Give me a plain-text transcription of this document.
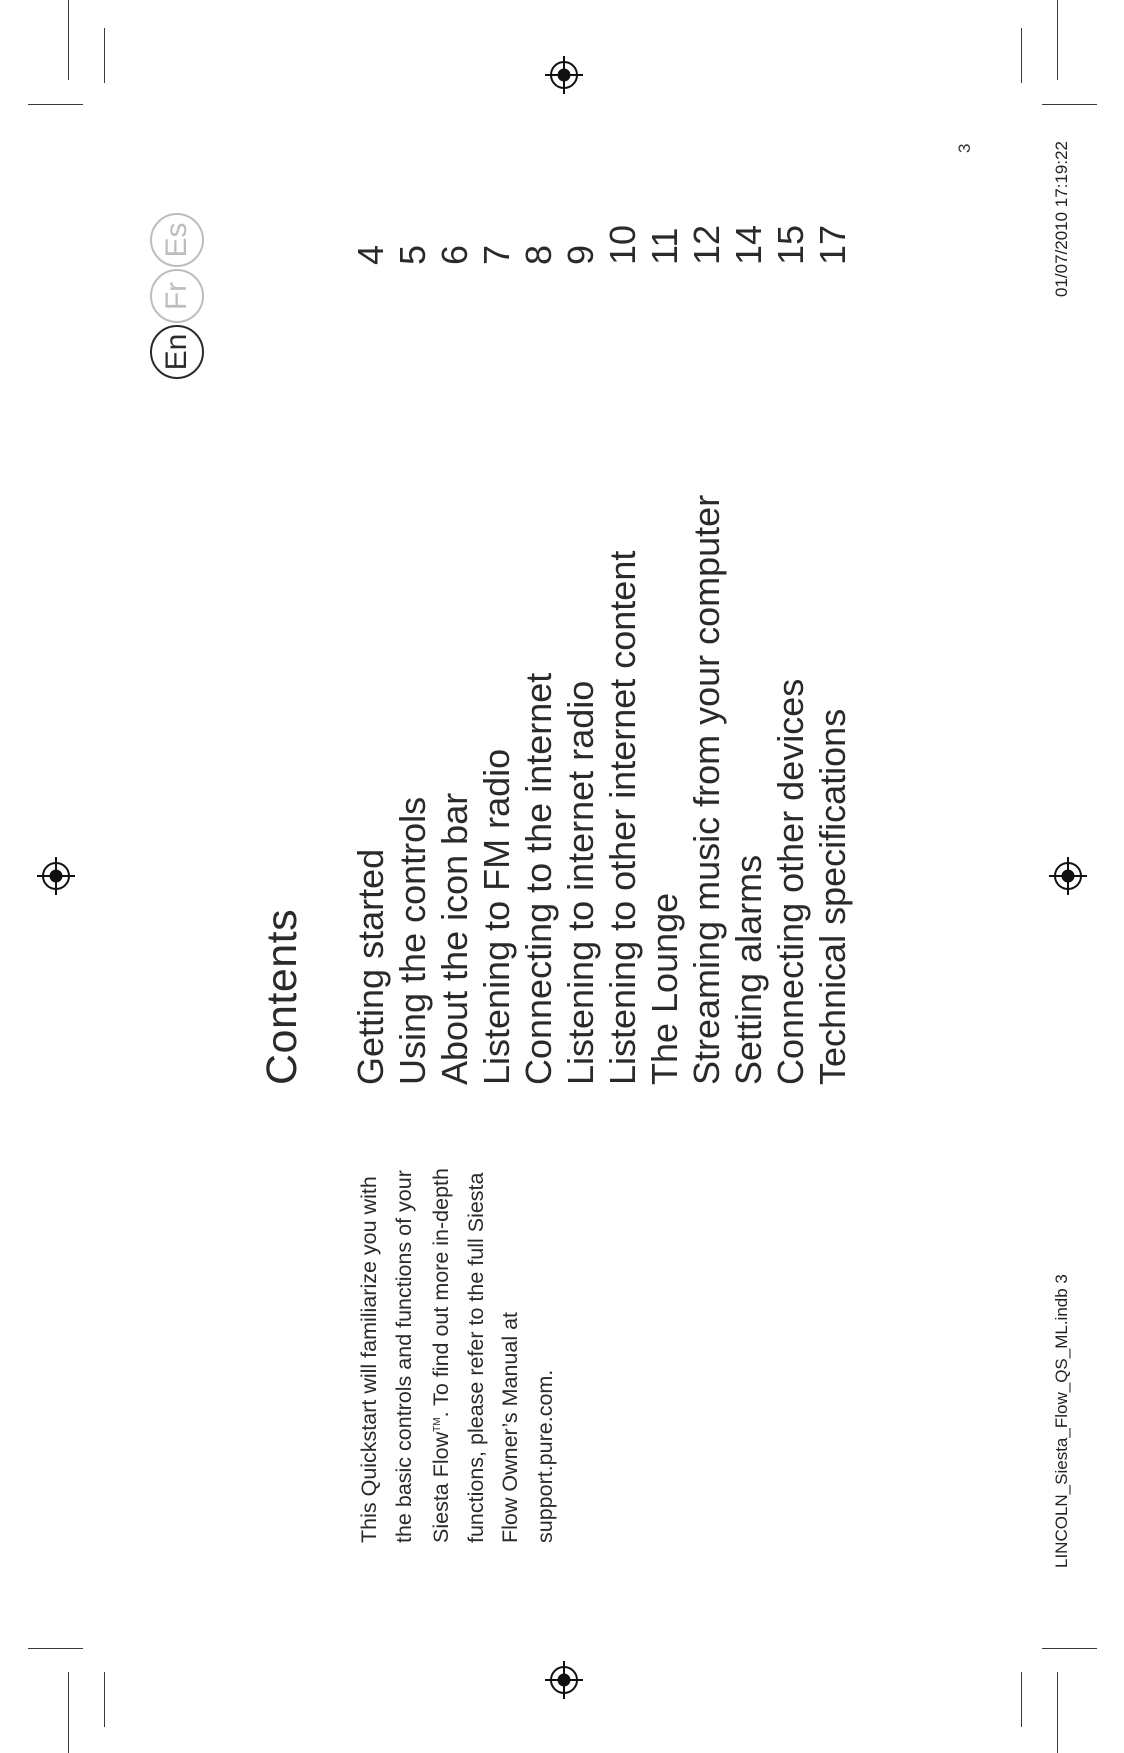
Contents Getting started
4
Using the controls
5
About the icon bar
6
Listening to FM radio
7
Connecting to the internet
8
Listening to internet radio
9
Listening to other internet content
10
The Lounge
11
Streaming music from your computer
12
Setting alarms
14
Connecting other devices
15
Technical specifications
17

This Quickstart will familiarize you with the basic controls and functions of your Siesta Flow™. To find out more in-depth functions, please refer to the full Siesta Flow Owner’s Manual at support.pure.com.

En
Fr
Es
3
LINCOLN_Siesta_Flow_QS_ML.indb 3
01/07/2010 17:19:22
